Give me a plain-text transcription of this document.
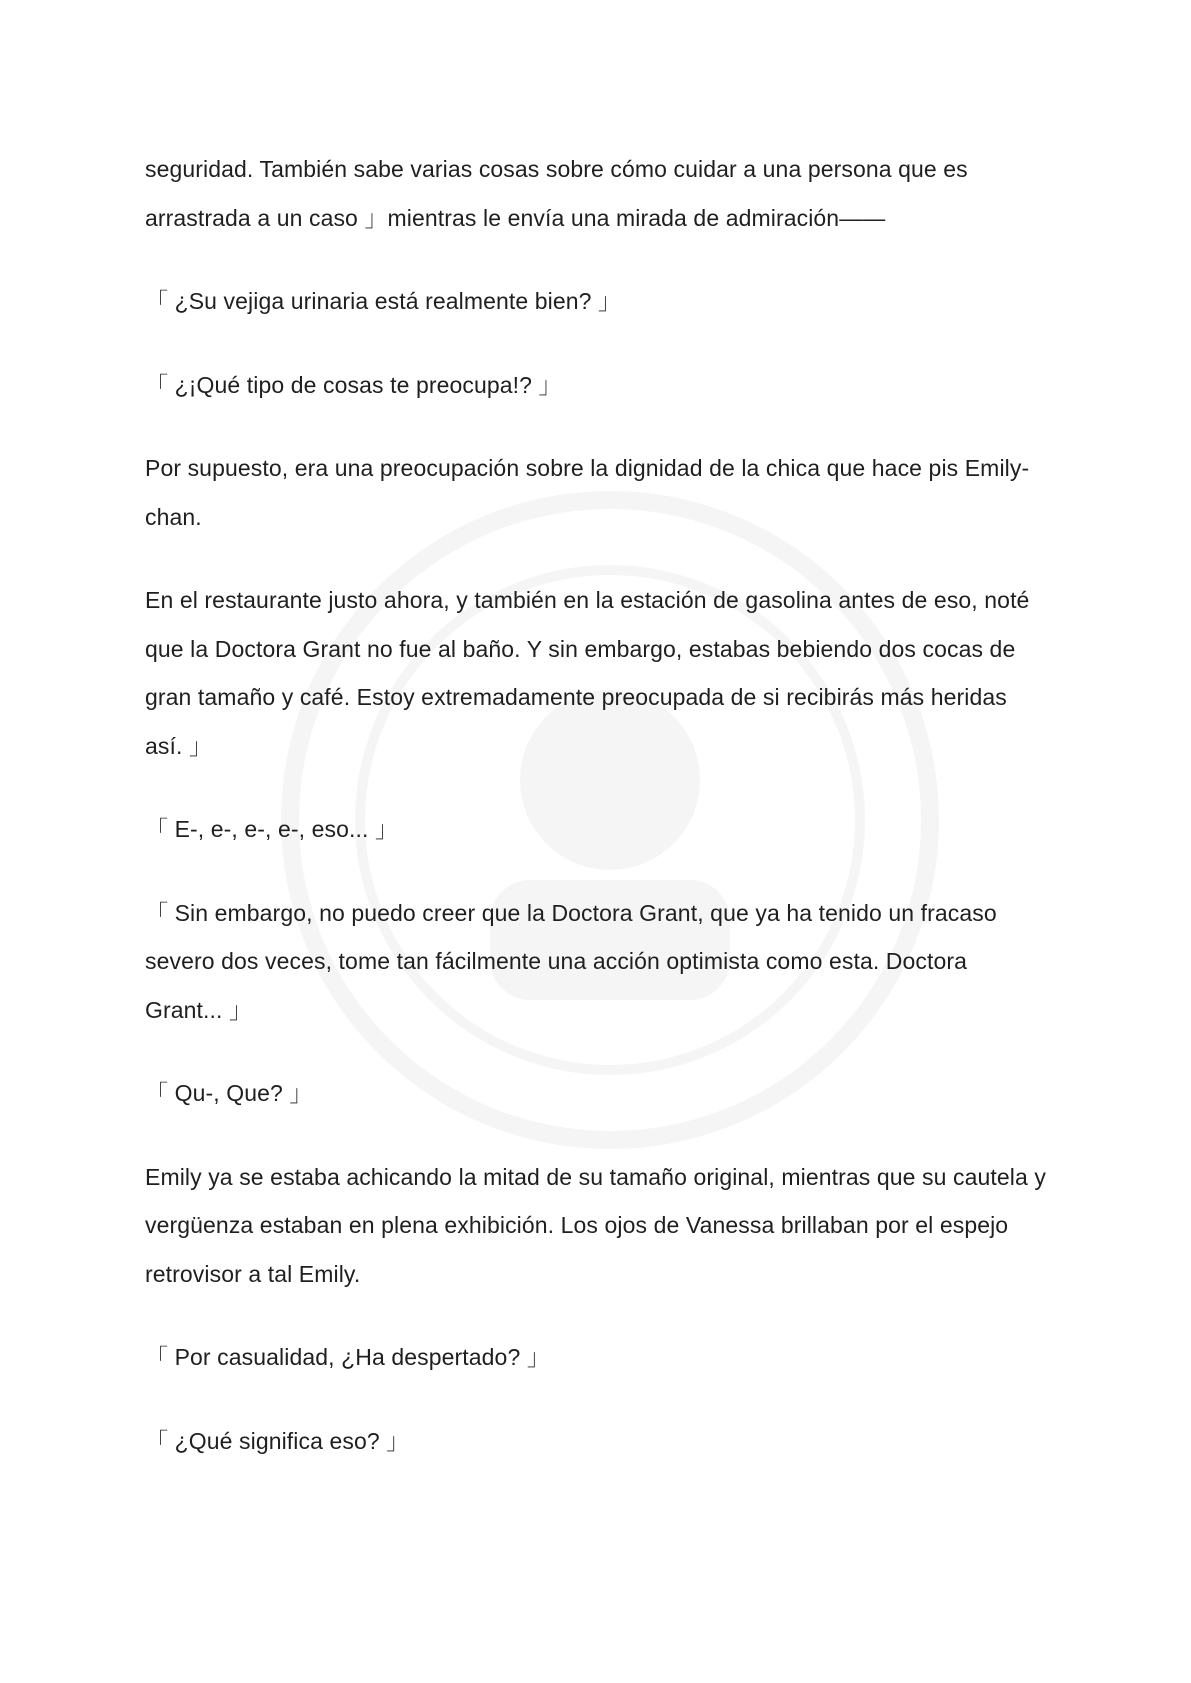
seguridad. También sabe varias cosas sobre cómo cuidar a una persona que es arrastrada a un caso 」mientras le envía una mirada de admiración——

「 ¿Su vejiga urinaria está realmente bien? 」

「 ¿¡Qué tipo de cosas te preocupa!? 」

Por supuesto, era una preocupación sobre la dignidad de la chica que hace pis Emily-chan.

En el restaurante justo ahora, y también en la estación de gasolina antes de eso, noté que la Doctora Grant no fue al baño. Y sin embargo, estabas bebiendo dos cocas de gran tamaño y café. Estoy extremadamente preocupada de si recibirás más heridas así. 」

「 E-, e-, e-, e-, eso... 」

「 Sin embargo, no puedo creer que la Doctora Grant, que ya ha tenido un fracaso severo dos veces, tome tan fácilmente una acción optimista como esta. Doctora Grant... 」

「 Qu-, Que? 」

Emily ya se estaba achicando la mitad de su tamaño original, mientras que su cautela y vergüenza estaban en plena exhibición. Los ojos de Vanessa brillaban por el espejo retrovisor a tal Emily.

「 Por casualidad, ¿Ha despertado? 」

「 ¿Qué significa eso? 」
